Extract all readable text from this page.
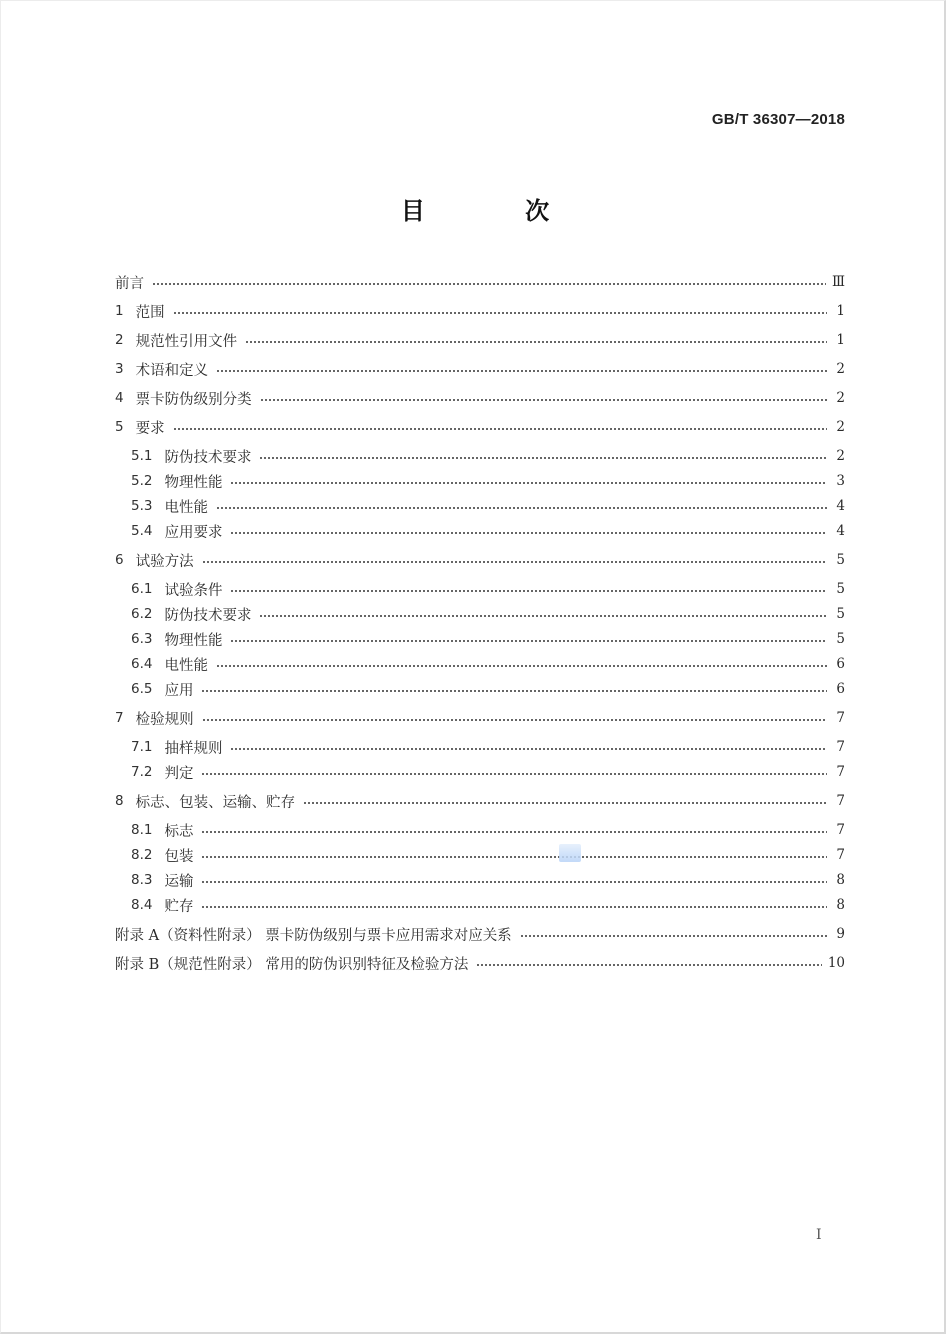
GB/T 36307—2018
目 次
前言	Ⅲ
1 范围	1
2 规范性引用文件	1
3 术语和定义	2
4 票卡防伪级别分类	2
5 要求	2
5.1 防伪技术要求	2
5.2 物理性能	3
5.3 电性能	4
5.4 应用要求	4
6 试验方法	5
6.1 试验条件	5
6.2 防伪技术要求	5
6.3 物理性能	5
6.4 电性能	6
6.5 应用	6
7 检验规则	7
7.1 抽样规则	7
7.2 判定	7
8 标志、包装、运输、贮存	7
8.1 标志	7
8.2 包装	7
8.3 运输	8
8.4 贮存	8
附录 A（资料性附录） 票卡防伪级别与票卡应用需求对应关系	9
附录 B（规范性附录） 常用的防伪识别特征及检验方法	10
I
